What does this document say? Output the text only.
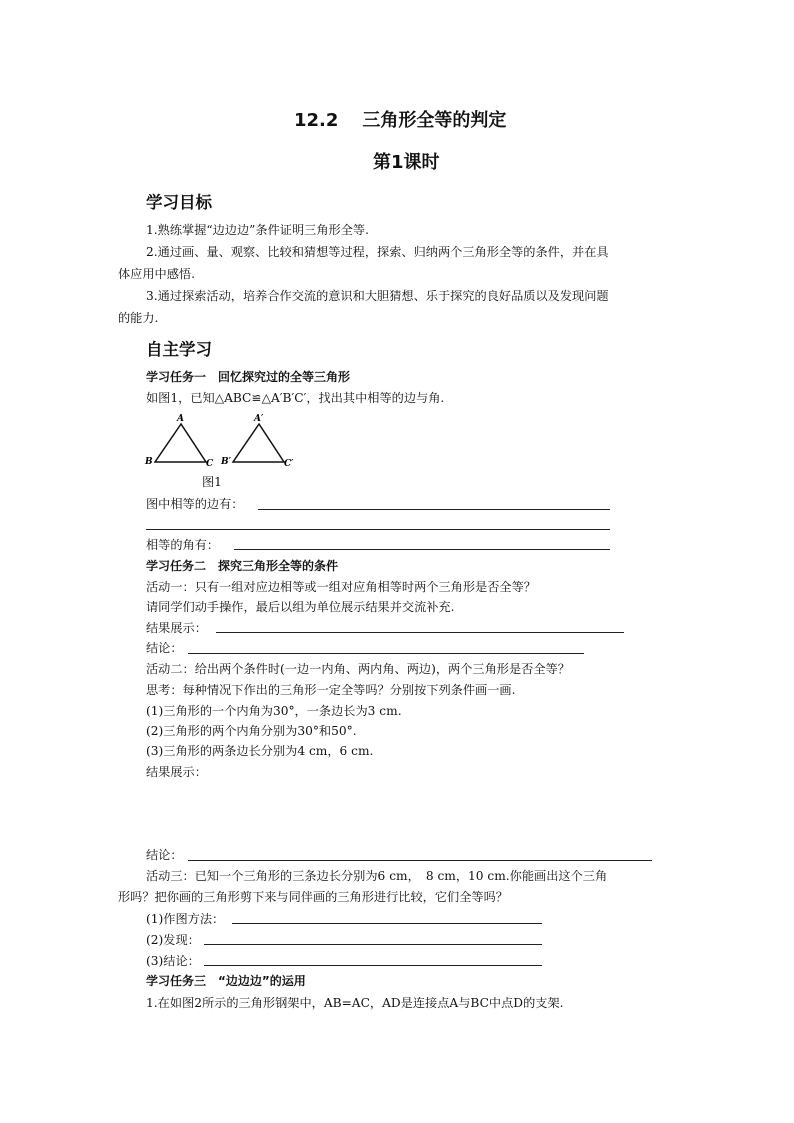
12.2 三角形全等的判定
第1课时
学习目标
1.熟练掌握“边边边”条件证明三角形全等.
2.通过画、量、观察、比较和猜想等过程，探索、归纳两个三角形全等的条件，并在具
体应用中感悟.
3.通过探索活动，培养合作交流的意识和大胆猜想、乐于探究的良好品质以及发现问题
的能力.
自主学习
学习任务一　回忆探究过的全等三角形
如图1，已知△ABC≌△A′B′C′，找出其中相等的边与角.
A
B	C
A′
B′	C′
图1
图中相等的边有：
相等的角有：
学习任务二　探究三角形全等的条件
活动一：只有一组对应边相等或一组对应角相等时两个三角形是否全等？
请同学们动手操作，最后以组为单位展示结果并交流补充.
结果展示：
结论：
活动二：给出两个条件时(一边一内角、两内角、两边)，两个三角形是否全等？
思考：每种情况下作出的三角形一定全等吗？分别按下列条件画一画.
(1)三角形的一个内角为30°，一条边长为3 cm.
(2)三角形的两个内角分别为30°和50°.
(3)三角形的两条边长分别为4 cm，6 cm.
结果展示：
结论：
活动三：已知一个三角形的三条边长分别为6 cm，　8 cm，10 cm.你能画出这个三角
形吗？把你画的三角形剪下来与同伴画的三角形进行比较，它们全等吗？
(1)作图方法：
(2)发现：
(3)结论：
学习任务三　“边边边”的运用
1.在如图2所示的三角形钢架中，AB=AC，AD是连接点A与BC中点D的支架.
